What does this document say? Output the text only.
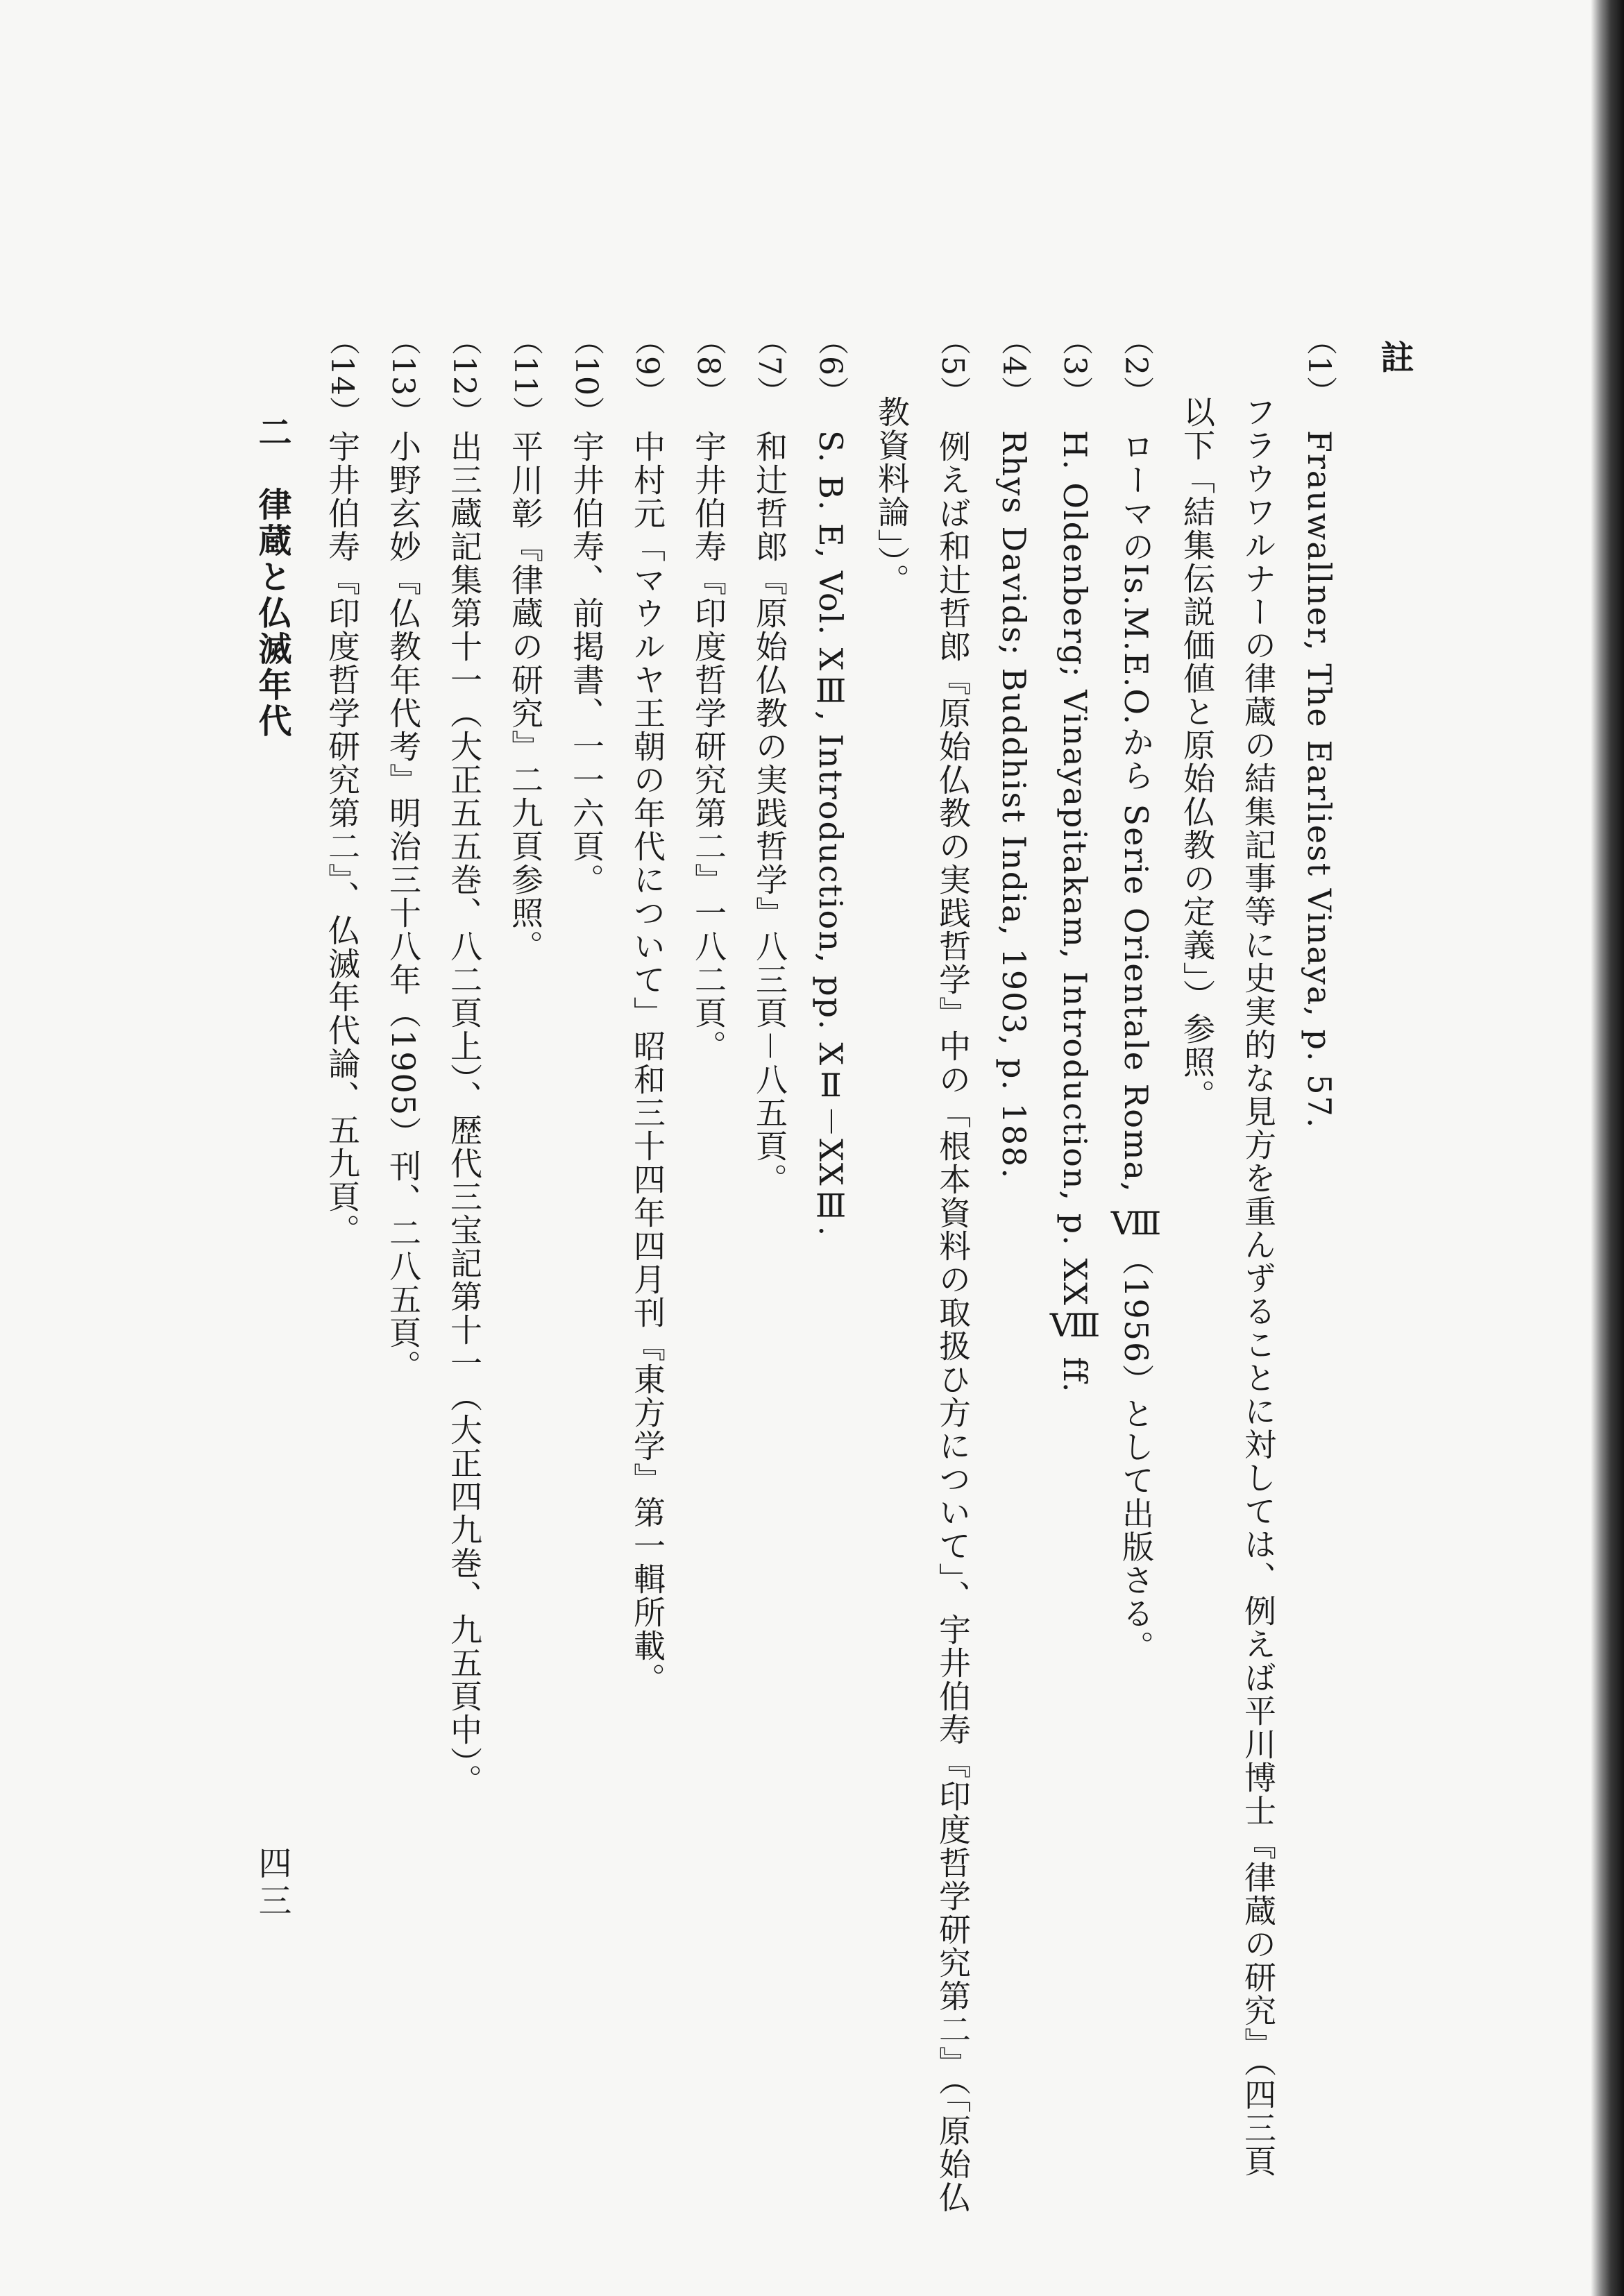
註
（1）
Frauwallner, The Earliest Vinaya, p. 57.
フラウワルナーの律蔵の結集記事等に史実的な見方を重んずることに対しては、例えば平川博士『律蔵の研究』（四三頁
以下「結集伝説価値と原始仏教の定義」）参照。
（2）
ローマのIs.M.E.O.から Serie Orientale Roma, Ⅷ（1956）として出版さる。
（3）
H. Oldenberg; Vinayapitakam, Introduction, p. XXⅧ ff.
（4）
Rhys Davids; Buddhist India, 1903, p. 188.
（5）
例えば和辻哲郎『原始仏教の実践哲学』中の「根本資料の取扱ひ方について」、宇井伯寿『印度哲学研究第二』（「原始仏
教資料論」）。
（6）
S. B. E, Vol. XⅢ, Introduction, pp. XⅡ－XXⅢ.
（7）
和辻哲郎『原始仏教の実践哲学』八三頁－八五頁。
（8）
宇井伯寿『印度哲学研究第二』一八二頁。
（9）
中村元「マウルヤ王朝の年代について」昭和三十四年四月刊『東方学』第一輯所載。
（10）
宇井伯寿、前掲書、一一六頁。
（11）
平川彰『律蔵の研究』二九頁参照。
（12）
出三蔵記集第十一（大正五五巻、八二頁上）、歴代三宝記第十一（大正四九巻、九五頁中）。
（13）
小野玄妙『仏教年代考』明治三十八年（1905）刊、二八五頁。
（14）
宇井伯寿『印度哲学研究第二』、仏滅年代論、五九頁。
二　律蔵と仏滅年代
四三
